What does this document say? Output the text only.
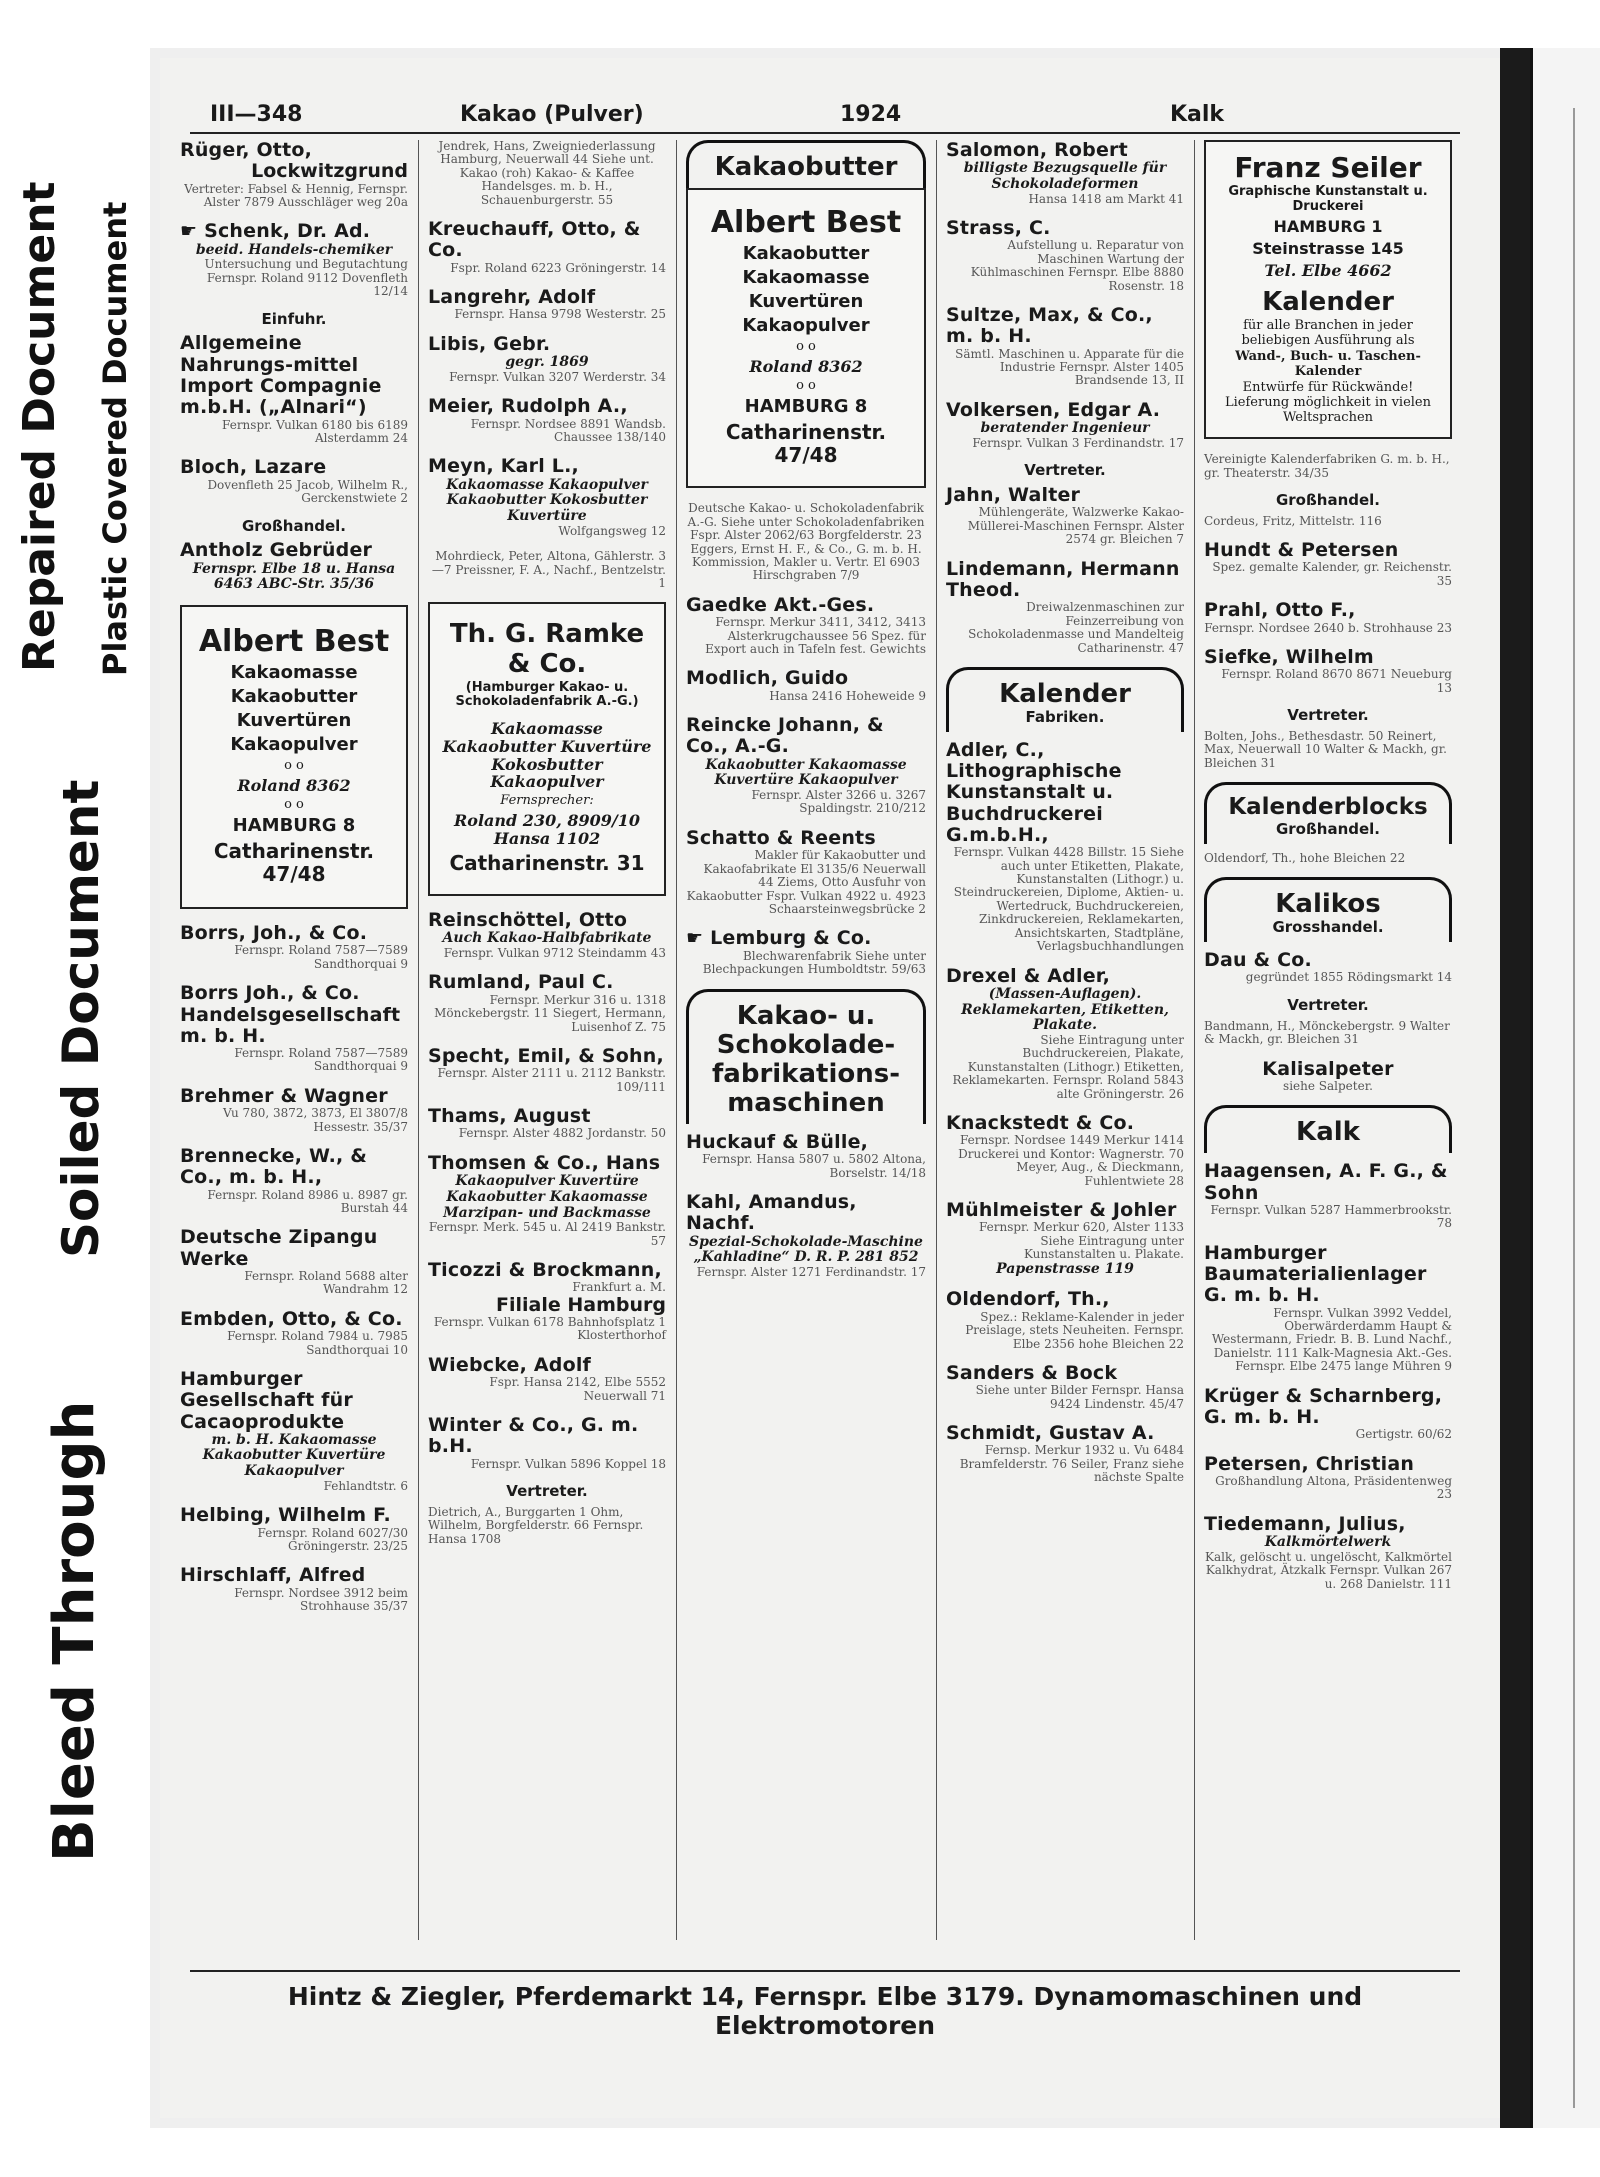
Repaired Document Plastic Covered Document
Soiled Document
Bleed Through
III—348	Kakao (Pulver)	1924	Kalk
Rüger, Otto,
Lockwitzgrund
Vertreter: Fabsel & Hennig, Fernspr. Alster 7879 Ausschläger weg 20a
☛ Schenk, Dr. Ad.
beeid. Handels-chemiker
Untersuchung und Begutachtung Fernspr. Roland 9112 Dovenfleth 12/14
Einfuhr.
Allgemeine Nahrungs-mittel Import Compagnie m.b.H. („Alnari“)
Fernspr. Vulkan 6180 bis 6189 Alsterdamm 24
Bloch, Lazare
Dovenfleth 25 Jacob, Wilhelm R., Gerckenstwiete 2
Großhandel.
Antholz Gebrüder
Fernspr. Elbe 18 u. Hansa 6463 ABC-Str. 35/36
Albert Best
Kakaomasse
Kakaobutter
Kuvertüren
Kakaopulver
o o
Roland 8362
o o
HAMBURG 8
Catharinenstr. 47/48
Borrs, Joh., & Co.
Fernspr. Roland 7587—7589 Sandthorquai 9
Borrs Joh., & Co. Handelsgesellschaft m. b. H.
Fernspr. Roland 7587—7589 Sandthorquai 9
Brehmer & Wagner
Vu 780, 3872, 3873, El 3807/8 Hessestr. 35/37
Brennecke, W., & Co., m. b. H.,
Fernspr. Roland 8986 u. 8987 gr. Burstah 44
Deutsche Zipangu Werke
Fernspr. Roland 5688 alter Wandrahm 12
Embden, Otto, & Co.
Fernspr. Roland 7984 u. 7985 Sandthorquai 10
Hamburger Gesellschaft für Cacaoprodukte
m. b. H. Kakaomasse Kakaobutter Kuvertüre Kakaopulver
Fehlandtstr. 6
Helbing, Wilhelm F.
Fernspr. Roland 6027/30 Gröningerstr. 23/25
Hirschlaff, Alfred
Fernspr. Nordsee 3912 beim Strohhause 35/37
Jendrek, Hans, Zweigniederlassung Hamburg, Neuerwall 44 Siehe unt. Kakao (roh) Kakao- & Kaffee Handelsges. m. b. H., Schauenburgerstr. 55
Kreuchauff, Otto, & Co.
Fspr. Roland 6223 Gröningerstr. 14
Langrehr, Adolf
Fernspr. Hansa 9798 Westerstr. 25
Libis, Gebr.
gegr. 1869
Fernspr. Vulkan 3207 Werderstr. 34
Meier, Rudolph A.,
Fernspr. Nordsee 8891 Wandsb. Chaussee 138/140
Meyn, Karl L.,
Kakaomasse Kakaopulver Kakaobutter Kokosbutter Kuvertüre
Wolfgangsweg 12
Mohrdieck, Peter, Altona, Gählerstr. 3—7 Preissner, F. A., Nachf., Bentzelstr. 1
Th. G. Ramke & Co.
(Hamburger Kakao- u. Schokoladenfabrik A.-G.)
Kakaomasse Kakaobutter Kuvertüre Kokosbutter Kakaopulver
Fernsprecher:
Roland 230, 8909/10 Hansa 1102
Catharinenstr. 31
Reinschöttel, Otto
Auch Kakao-Halbfabrikate
Fernspr. Vulkan 9712 Steindamm 43
Rumland, Paul C.
Fernspr. Merkur 316 u. 1318 Mönckebergstr. 11 Siegert, Hermann, Luisenhof Z. 75
Specht, Emil, & Sohn,
Fernspr. Alster 2111 u. 2112 Bankstr. 109/111
Thams, August
Fernspr. Alster 4882 Jordanstr. 50
Thomsen & Co., Hans
Kakaopulver Kuvertüre Kakaobutter Kakaomasse Marzipan- und Backmasse
Fernspr. Merk. 545 u. Al 2419 Bankstr. 57
Ticozzi & Brockmann,
Frankfurt a. M.
Filiale Hamburg
Fernspr. Vulkan 6178 Bahnhofsplatz 1 Klosterthorhof
Wiebcke, Adolf
Fspr. Hansa 2142, Elbe 5552 Neuerwall 71
Winter & Co., G. m. b.H.
Fernspr. Vulkan 5896 Koppel 18
Vertreter.
Dietrich, A., Burggarten 1 Ohm, Wilhelm, Borgfelderstr. 66 Fernspr. Hansa 1708
Kakaobutter
Albert Best
Kakaobutter
Kakaomasse
Kuvertüren
Kakaopulver
o o
Roland 8362
o o
HAMBURG 8
Catharinenstr. 47/48
Deutsche Kakao- u. Schokoladenfabrik A.-G. Siehe unter Schokoladenfabriken Fspr. Alster 2062/63 Borgfelderstr. 23 Eggers, Ernst H. F., & Co., G. m. b. H. Kommission, Makler u. Vertr. El 6903 Hirschgraben 7/9
Gaedke Akt.-Ges.
Fernspr. Merkur 3411, 3412, 3413 Alsterkrugchaussee 56 Spez. für Export auch in Tafeln fest. Gewichts
Modlich, Guido
Hansa 2416 Hoheweide 9
Reincke Johann, & Co., A.-G.
Kakaobutter Kakaomasse Kuvertüre Kakaopulver
Fernspr. Alster 3266 u. 3267 Spaldingstr. 210/212
Schatto & Reents
Makler für Kakaobutter und Kakaofabrikate El 3135/6 Neuerwall 44 Ziems, Otto Ausfuhr von Kakaobutter Fspr. Vulkan 4922 u. 4923 Schaarsteinwegsbrücke 2
☛ Lemburg & Co.
Blechwarenfabrik Siehe unter Blechpackungen Humboldtstr. 59/63
Kakao- u. Schokolade- fabrikations- maschinen
Huckauf & Bülle,
Fernspr. Hansa 5807 u. 5802 Altona, Borselstr. 14/18
Kahl, Amandus, Nachf.
Spezial-Schokolade-Maschine „Kahladine“ D. R. P. 281 852
Fernspr. Alster 1271 Ferdinandstr. 17
Salomon, Robert
billigste Bezugsquelle für Schokoladeformen
Hansa 1418 am Markt 41
Strass, C.
Aufstellung u. Reparatur von Maschinen Wartung der Kühlmaschinen Fernspr. Elbe 8880 Rosenstr. 18
Sultze, Max, & Co., m. b. H.
Sämtl. Maschinen u. Apparate für die Industrie Fernspr. Alster 1405 Brandsende 13, II
Volkersen, Edgar A.
beratender Ingenieur
Fernspr. Vulkan 3 Ferdinandstr. 17
Vertreter.
Jahn, Walter
Mühlengeräte, Walzwerke Kakao-Müllerei-Maschinen Fernspr. Alster 2574 gr. Bleichen 7
Lindemann, Hermann Theod.
Dreiwalzenmaschinen zur Feinzerreibung von Schokoladenmasse und Mandelteig Catharinenstr. 47
Kalender
Fabriken.
Adler, C., Lithographische Kunstanstalt u. Buchdruckerei G.m.b.H.,
Fernspr. Vulkan 4428 Billstr. 15 Siehe auch unter Etiketten, Plakate, Kunstanstalten (Lithogr.) u. Steindruckereien, Diplome, Aktien- u. Wertedruck, Buchdruckereien, Zinkdruckereien, Reklamekarten, Ansichtskarten, Stadtpläne, Verlagsbuchhandlungen
Drexel & Adler,
(Massen-Auflagen). Reklamekarten, Etiketten, Plakate.
Siehe Eintragung unter Buchdruckereien, Plakate, Kunstanstalten (Lithogr.) Etiketten, Reklamekarten. Fernspr. Roland 5843 alte Gröningerstr. 26
Knackstedt & Co.
Fernspr. Nordsee 1449 Merkur 1414 Druckerei und Kontor: Wagnerstr. 70 Meyer, Aug., & Dieckmann, Fuhlentwiete 28
Mühlmeister & Johler
Fernspr. Merkur 620, Alster 1133 Siehe Eintragung unter Kunstanstalten u. Plakate.
Papenstrasse 119
Oldendorf, Th.,
Spez.: Reklame-Kalender in jeder Preislage, stets Neuheiten. Fernspr. Elbe 2356 hohe Bleichen 22
Sanders & Bock
Siehe unter Bilder Fernspr. Hansa 9424 Lindenstr. 45/47
Schmidt, Gustav A.
Fernsp. Merkur 1932 u. Vu 6484 Bramfelderstr. 76 Seiler, Franz siehe nächste Spalte
Franz Seiler
Graphische Kunstanstalt u. Druckerei
HAMBURG 1
Steinstrasse 145
Tel. Elbe 4662
Kalender
für alle Branchen in jeder beliebigen Ausführung als
Wand-, Buch- u. Taschen-Kalender
Entwürfe für Rückwände! Lieferung möglichkeit in vielen Weltsprachen
Vereinigte Kalenderfabriken G. m. b. H., gr. Theaterstr. 34/35
Großhandel.
Cordeus, Fritz, Mittelstr. 116
Hundt & Petersen
Spez. gemalte Kalender, gr. Reichenstr. 35
Prahl, Otto F.,
Fernspr. Nordsee 2640 b. Strohhause 23
Siefke, Wilhelm
Fernspr. Roland 8670 8671 Neueburg 13
Vertreter.
Bolten, Johs., Bethesdastr. 50 Reinert, Max, Neuerwall 10 Walter & Mackh, gr. Bleichen 31
Kalenderblocks
Großhandel.
Oldendorf, Th., hohe Bleichen 22
Kalikos
Grosshandel.
Dau & Co.
gegründet 1855 Rödingsmarkt 14
Vertreter.
Bandmann, H., Mönckebergstr. 9 Walter & Mackh, gr. Bleichen 31
Kalisalpeter
siehe Salpeter.
Kalk
Haagensen, A. F. G., & Sohn
Fernspr. Vulkan 5287 Hammerbrookstr. 78
Hamburger Baumaterialienlager G. m. b. H.
Fernspr. Vulkan 3992 Veddel, Oberwärderdamm Haupt & Westermann, Friedr. B. B. Lund Nachf., Danielstr. 111 Kalk-Magnesia Akt.-Ges. Fernspr. Elbe 2475 lange Mühren 9
Krüger & Scharnberg, G. m. b. H.
Gertigstr. 60/62
Petersen, Christian
Großhandlung Altona, Präsidentenweg 23
Tiedemann, Julius,
Kalkmörtelwerk
Kalk, gelöscht u. ungelöscht, Kalkmörtel Kalkhydrat, Ätzkalk Fernspr. Vulkan 267 u. 268 Danielstr. 111
Hintz & Ziegler, Pferdemarkt 14, Fernspr. Elbe 3179. Dynamomaschinen und Elektromotoren
